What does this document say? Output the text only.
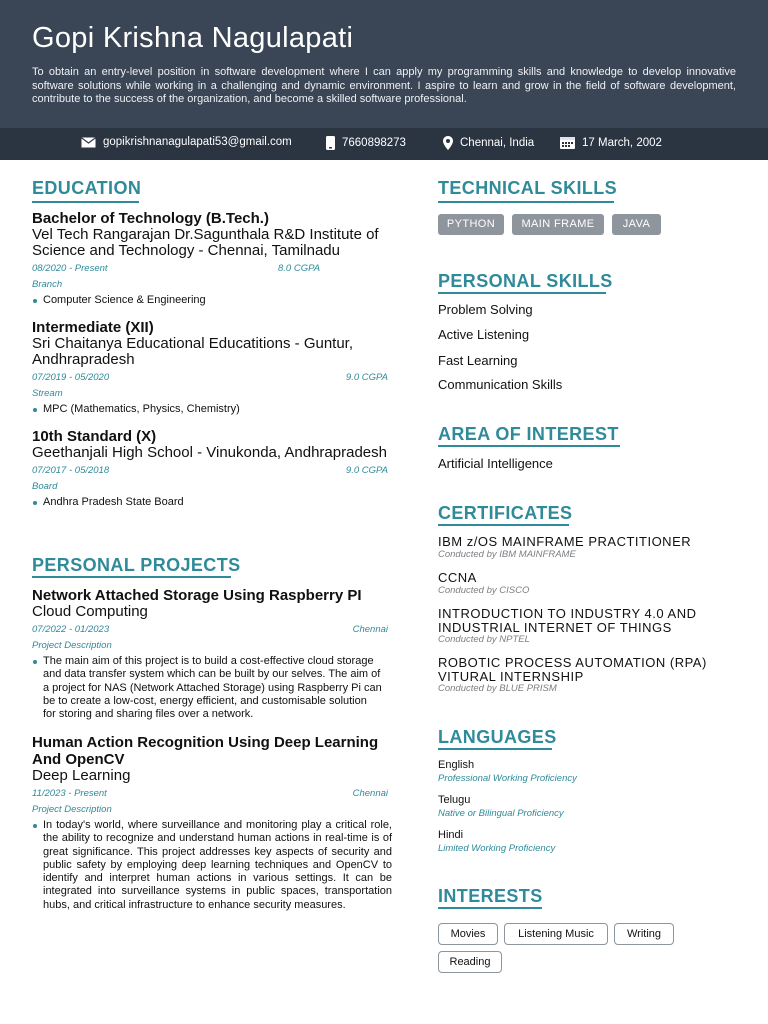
Gopi Krishna Nagulapati
To obtain an entry-level position in software development where I can apply my programming skills and knowledge to develop innovative software solutions while working in a challenging and dynamic environment. I aspire to learn and grow in the field of software development, contribute to the success of the organization, and become a skilled software professional.
gopikrishnanagulapati53@gmail.com	7660898273	Chennai, India	17 March, 2002
EDUCATION
Bachelor of Technology (B.Tech.)
Vel Tech Rangarajan Dr.Sagunthala R&D Institute of Science and Technology - Chennai, Tamilnadu
08/2020 - Present	8.0 CGPA
Branch
Computer Science & Engineering
Intermediate (XII)
Sri Chaitanya Educational Educatitions - Guntur, Andhrapradesh
07/2019 - 05/2020	9.0 CGPA
Stream
MPC (Mathematics, Physics, Chemistry)
10th Standard (X)
Geethanjali High School - Vinukonda, Andhrapradesh
07/2017 - 05/2018	9.0 CGPA
Board
Andhra Pradesh State Board
PERSONAL PROJECTS
Network Attached Storage Using Raspberry PI
Cloud Computing
07/2022 - 01/2023	Chennai
Project Description
The main aim of this project is to build a cost-effective cloud storage and data transfer system which can be built by our selves. The aim of a project for NAS (Network Attached Storage) using Raspberry Pi can be to create a low-cost, energy efficient, and customisable solution for storing and sharing files over a network.
Human Action Recognition Using Deep Learning And OpenCV
Deep Learning
11/2023 - Present	Chennai
Project Description
In today's world, where surveillance and monitoring play a critical role, the ability to recognize and understand human actions in real-time is of great significance. This project addresses key aspects of security and public safety by employing deep learning techniques and OpenCV to identify and interpret human actions in various settings. It can be integrated into surveillance systems in public spaces, transportation hubs, and critical infrastructure to enhance security measures.
TECHNICAL SKILLS
PYTHON	MAIN FRAME	JAVA
PERSONAL SKILLS
Problem Solving
Active Listening
Fast Learning
Communication Skills
AREA OF INTEREST
Artificial Intelligence
CERTIFICATES
IBM z/OS MAINFRAME PRACTITIONER
Conducted by IBM MAINFRAME
CCNA
Conducted by CISCO
INTRODUCTION TO INDUSTRY 4.0 AND INDUSTRIAL INTERNET OF THINGS
Conducted by NPTEL
ROBOTIC PROCESS AUTOMATION (RPA) VITURAL INTERNSHIP
Conducted by BLUE PRISM
LANGUAGES
English
Professional Working Proficiency
Telugu
Native or Bilingual Proficiency
Hindi
Limited Working Proficiency
INTERESTS
Movies	Listening Music	Writing
Reading
